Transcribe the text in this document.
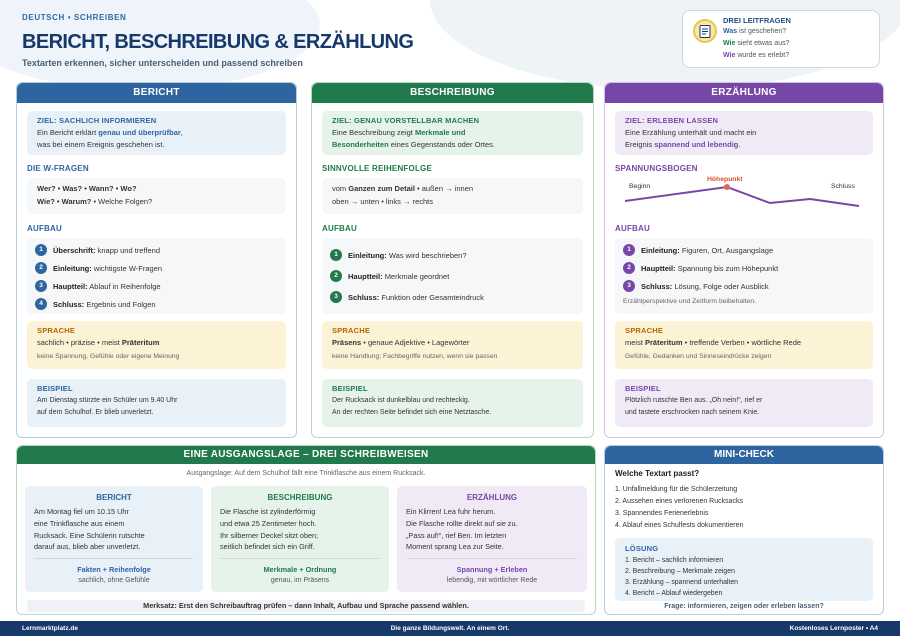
DEUTSCH • SCHREIBEN
BERICHT, BESCHREIBUNG & ERZÄHLUNG
Textarten erkennen, sicher unterscheiden und passend schreiben
DREI LEITFRAGEN
Was ist geschehen?
Wie sieht etwas aus?
Wie wurde es erlebt?
BERICHT
ZIEL: SACHLICH INFORMIEREN
Ein Bericht erklärt genau und überprüfbar,
was bei einem Ereignis geschehen ist.
DIE W-FRAGEN
Wer? • Was? • Wann? • Wo?
Wie? • Warum? • Welche Folgen?
AUFBAU
1	Überschrift: knapp und treffend
2	Einleitung: wichtigste W-Fragen
3	Hauptteil: Ablauf in Reihenfolge
4	Schluss: Ergebnis und Folgen
SPRACHE
sachlich • präzise • meist Präteritum
keine Spannung, Gefühle oder eigene Meinung
BEISPIEL
Am Dienstag stürzte ein Schüler um 9.40 Uhr
auf dem Schulhof. Er blieb unverletzt.
BESCHREIBUNG
ZIEL: GENAU VORSTELLBAR MACHEN
Eine Beschreibung zeigt Merkmale und
Besonderheiten eines Gegenstands oder Ortes.
SINNVOLLE REIHENFOLGE
vom Ganzen zum Detail • außen → innen
oben → unten • links → rechts
AUFBAU
1	Einleitung: Was wird beschrieben?
2	Hauptteil: Merkmale geordnet
3	Schluss: Funktion oder Gesamteindruck
SPRACHE
Präsens • genaue Adjektive • Lagewörter
keine Handlung; Fachbegriffe nutzen, wenn sie passen
BEISPIEL
Der Rucksack ist dunkelblau und rechteckig.
An der rechten Seite befindet sich eine Netztasche.
ERZÄHLUNG
ZIEL: ERLEBEN LASSEN
Eine Erzählung unterhält und macht ein
Ereignis spannend und lebendig.
SPANNUNGSBOGEN
Beginn
Höhepunkt
Schluss
AUFBAU
1	Einleitung: Figuren, Ort, Ausgangslage
2	Hauptteil: Spannung bis zum Höhepunkt
3	Schluss: Lösung, Folge oder Ausblick
Erzählperspektive und Zeitform beibehalten.
SPRACHE
meist Präteritum • treffende Verben • wörtliche Rede
Gefühle, Gedanken und Sinneseindrücke zeigen
BEISPIEL
Plötzlich rutschte Ben aus. „Oh nein!“, rief er
und tastete erschrocken nach seinem Knie.
EINE AUSGANGSLAGE – DREI SCHREIBWEISEN
Ausgangslage: Auf dem Schulhof fällt eine Trinkflasche aus einem Rucksack.
BERICHT
Am Montag fiel um 10.15 Uhr
eine Trinkflasche aus einem
Rucksack. Eine Schülerin rutschte
darauf aus, blieb aber unverletzt.
Fakten + Reihenfolge
sachlich, ohne Gefühle
BESCHREIBUNG
Die Flasche ist zylinderförmig
und etwa 25 Zentimeter hoch.
Ihr silberner Deckel sitzt oben;
seitlich befindet sich ein Griff.
Merkmale + Ordnung
genau, im Präsens
ERZÄHLUNG
Ein Klirren! Lea fuhr herum.
Die Flasche rollte direkt auf sie zu.
„Pass auf!“, rief Ben. Im letzten
Moment sprang Lea zur Seite.
Spannung + Erleben
lebendig, mit wörtlicher Rede
Merksatz: Erst den Schreibauftrag prüfen – dann Inhalt, Aufbau und Sprache passend wählen.
MINI-CHECK
Welche Textart passt?
1. Unfallmeldung für die Schülerzeitung
2. Aussehen eines verlorenen Rucksacks
3. Spannendes Ferienerlebnis
4. Ablauf eines Schulfests dokumentieren
LÖSUNG
1. Bericht – sachlich informieren
2. Beschreibung – Merkmale zeigen
3. Erzählung – spannend unterhalten
4. Bericht – Ablauf wiedergeben
Frage: informieren, zeigen oder erleben lassen?
Lernmarktplatz.de	Die ganze Bildungswelt. An einem Ort.	Kostenloses Lernposter • A4
